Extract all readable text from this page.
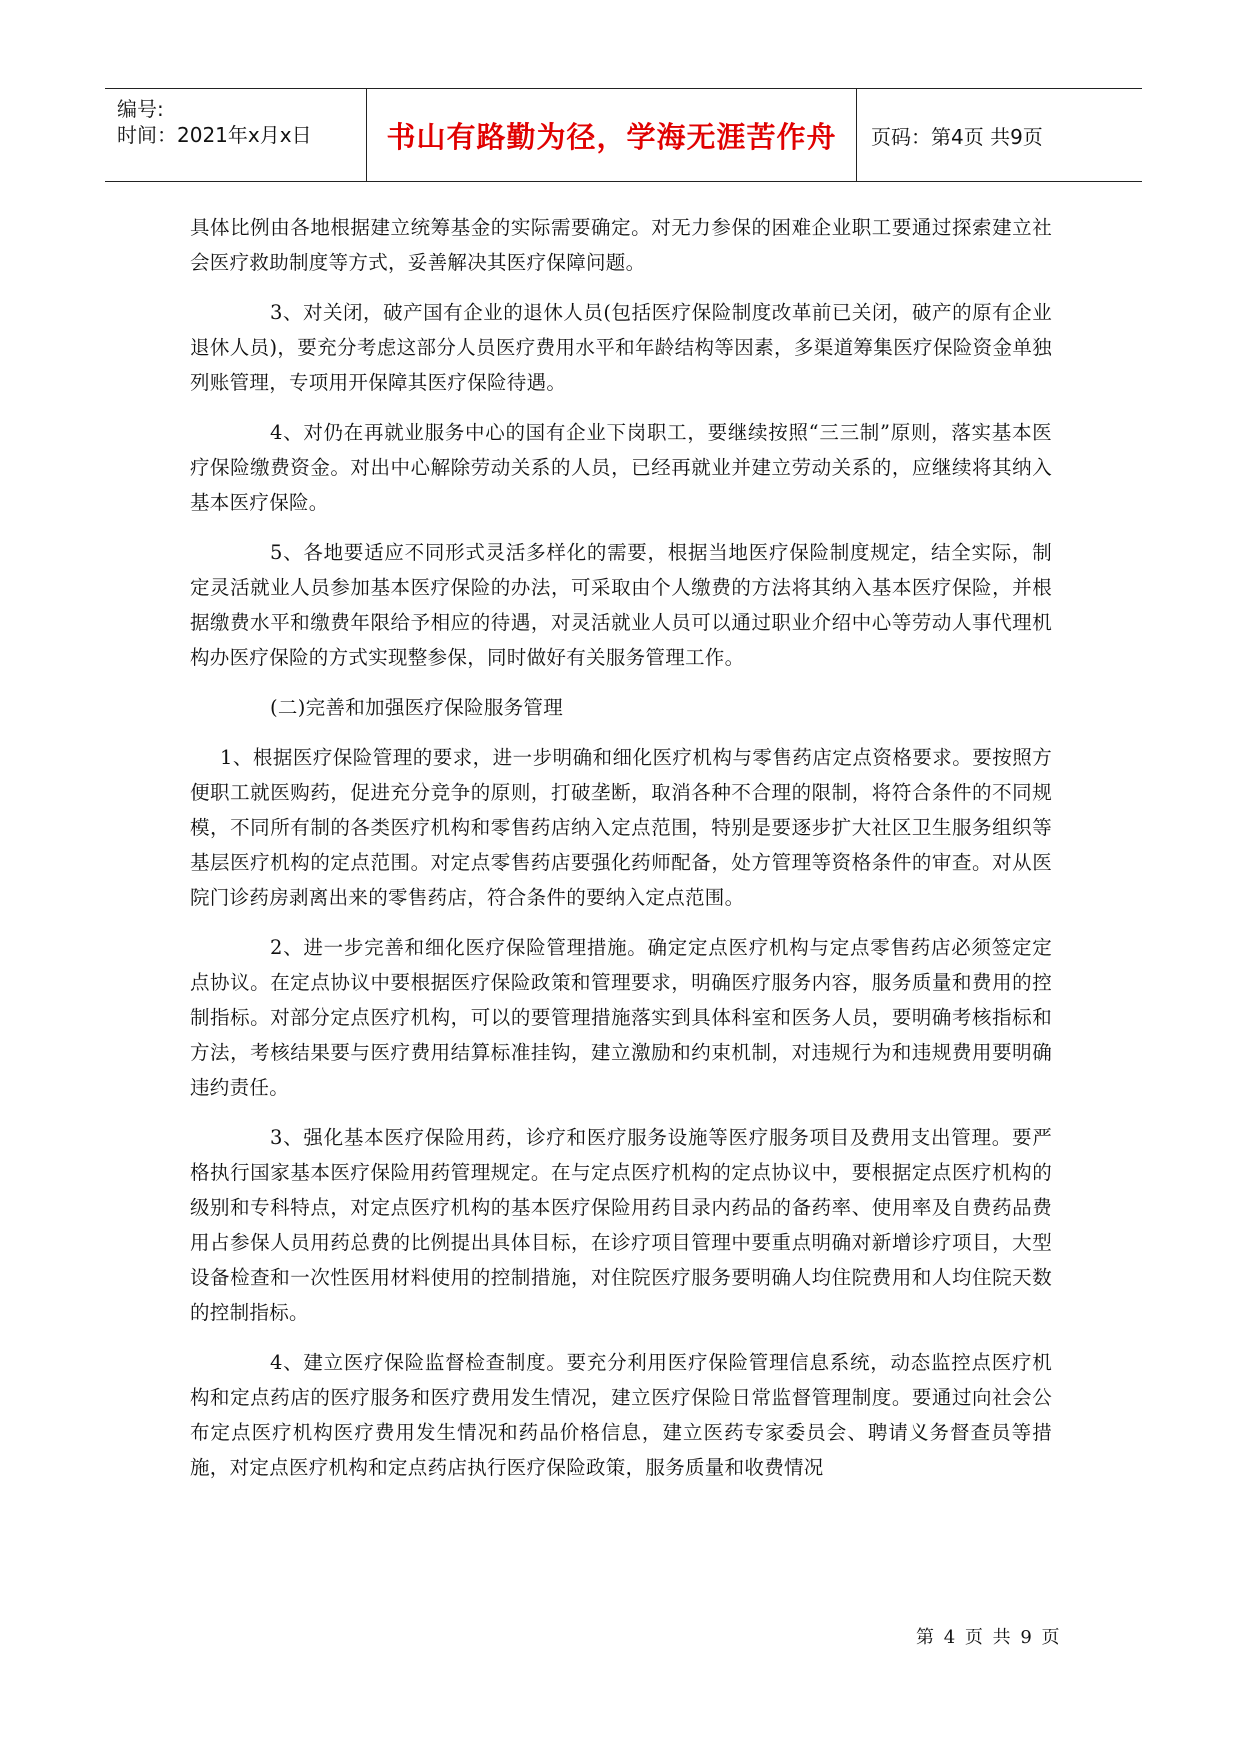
编号:
时间：2021年x月x日	书山有路勤为径，学海无涯苦作舟 页码：第4页 共9页

具体比例由各地根据建立统筹基金的实际需要确定。对无力参保的困难企业职工要通过探索建立社会医疗救助制度等方式，妥善解决其医疗保障问题。

3、对关闭，破产国有企业的退休人员(包括医疗保险制度改革前已关闭，破产的原有企业退休人员)，要充分考虑这部分人员医疗费用水平和年龄结构等因素，多渠道筹集医疗保险资金单独列账管理，专项用开保障其医疗保险待遇。

4、对仍在再就业服务中心的国有企业下岗职工，要继续按照“三三制”原则，落实基本医疗保险缴费资金。对出中心解除劳动关系的人员，已经再就业并建立劳动关系的，应继续将其纳入基本医疗保险。

5、各地要适应不同形式灵活多样化的需要，根据当地医疗保险制度规定，结全实际，制定灵活就业人员参加基本医疗保险的办法，可采取由个人缴费的方法将其纳入基本医疗保险，并根据缴费水平和缴费年限给予相应的待遇，对灵活就业人员可以通过职业介绍中心等劳动人事代理机构办医疗保险的方式实现整参保，同时做好有关服务管理工作。

(二)完善和加强医疗保险服务管理

1、根据医疗保险管理的要求，进一步明确和细化医疗机构与零售药店定点资格要求。要按照方便职工就医购药，促进充分竞争的原则，打破垄断，取消各种不合理的限制，将符合条件的不同规模，不同所有制的各类医疗机构和零售药店纳入定点范围，特别是要逐步扩大社区卫生服务组织等基层医疗机构的定点范围。对定点零售药店要强化药师配备，处方管理等资格条件的审查。对从医院门诊药房剥离出来的零售药店，符合条件的要纳入定点范围。

2、进一步完善和细化医疗保险管理措施。确定定点医疗机构与定点零售药店必须签定定点协议。在定点协议中要根据医疗保险政策和管理要求，明确医疗服务内容，服务质量和费用的控制指标。对部分定点医疗机构，可以的要管理措施落实到具体科室和医务人员，要明确考核指标和方法，考核结果要与医疗费用结算标准挂钩，建立激励和约束机制，对违规行为和违规费用要明确违约责任。

3、强化基本医疗保险用药，诊疗和医疗服务设施等医疗服务项目及费用支出管理。要严格执行国家基本医疗保险用药管理规定。在与定点医疗机构的定点协议中，要根据定点医疗机构的级别和专科特点，对定点医疗机构的基本医疗保险用药目录内药品的备药率、使用率及自费药品费用占参保人员用药总费的比例提出具体目标，在诊疗项目管理中要重点明确对新增诊疗项目，大型设备检查和一次性医用材料使用的控制措施，对住院医疗服务要明确人均住院费用和人均住院天数的控制指标。

4、建立医疗保险监督检查制度。要充分利用医疗保险管理信息系统，动态监控点医疗机构和定点药店的医疗服务和医疗费用发生情况，建立医疗保险日常监督管理制度。要通过向社会公布定点医疗机构医疗费用发生情况和药品价格信息，建立医药专家委员会、聘请义务督查员等措施，对定点医疗机构和定点药店执行医疗保险政策，服务质量和收费情况

第 4 页 共 9 页
